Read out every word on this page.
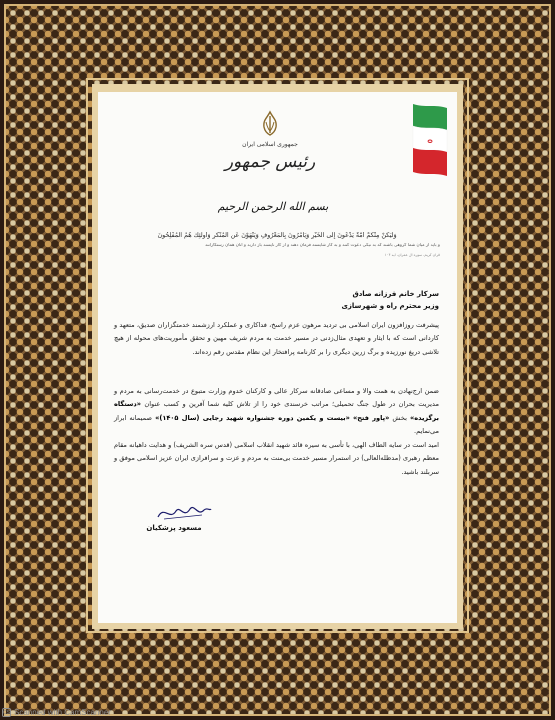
ⴰ
جمهوری اسلامی ایران
رئیس جمهور
بسم الله الرحمن الرحیم
وَلْيَكُنْ مِنْكُمْ أُمَّةٌ يَدْعُونَ إِلَى الْخَيْرِ وَيَأْمُرُونَ بِالْمَعْرُوفِ وَيَنْهَوْنَ عَنِ الْمُنْكَرِ وَأُولَئِكَ هُمُ الْمُفْلِحُونَ
و باید از میان شما گروهی باشند که به نیکی دعوت کنند و به کار شایسته فرمان دهند و از کار ناپسند باز دارند و آنان همان رستگارانند
قرآن کریم، سوره آل عمران، آیه ۱۰۴
سرکار خانم فرزانه صادق
وزیر محترم راه و شهرسازی
پیشرفت روزافزون ایران اسلامی بی تردید مرهون عزم راسخ، فداکاری و عملکرد ارزشمند خدمتگزاران صدیق، متعهد و کاردانی است که با ایثار و تعهدی مثال‌زدنی در مسیر خدمت به مردم شریف مهین و تحقق مأموریت‌های محوله از هیچ تلاشی دریغ نورزیده و برگ زرین دیگری را بر کارنامه پرافتخار این نظام مقدس رقم زده‌اند.
ضمن ارج‌نهادن به همت والا و مساعی صادقانه سرکار عالی و کارکنان خدوم وزارت متبوع در خدمت‌رسانی به مردم و مدیریت بحران در طول جنگ تحمیلی؛ مراتب خرسندی خود را از تلاش کلیه شما آفرین و کسب عنوان «دستگاه برگزیده» بخش «پاور فتح» «بیست و یکمین دوره جشنواره شهید رجایی (سال ۱۴۰۵)» صمیمانه ابراز می‌نمایم.
امید است در سایه الطاف الهی، با تأسی به سیره قائد شهید انقلاب اسلامی (قدس سره الشریف) و هدایت داهیانه مقام معظم رهبری (مدظله‌العالی) در استمرار مسیر خدمت بی‌منت به مردم و عزت و سرافرازی ایران عزیز اسلامی موفق و سربلند باشید.
مسعود پزشکیان
CS Scanned with CamScanner
